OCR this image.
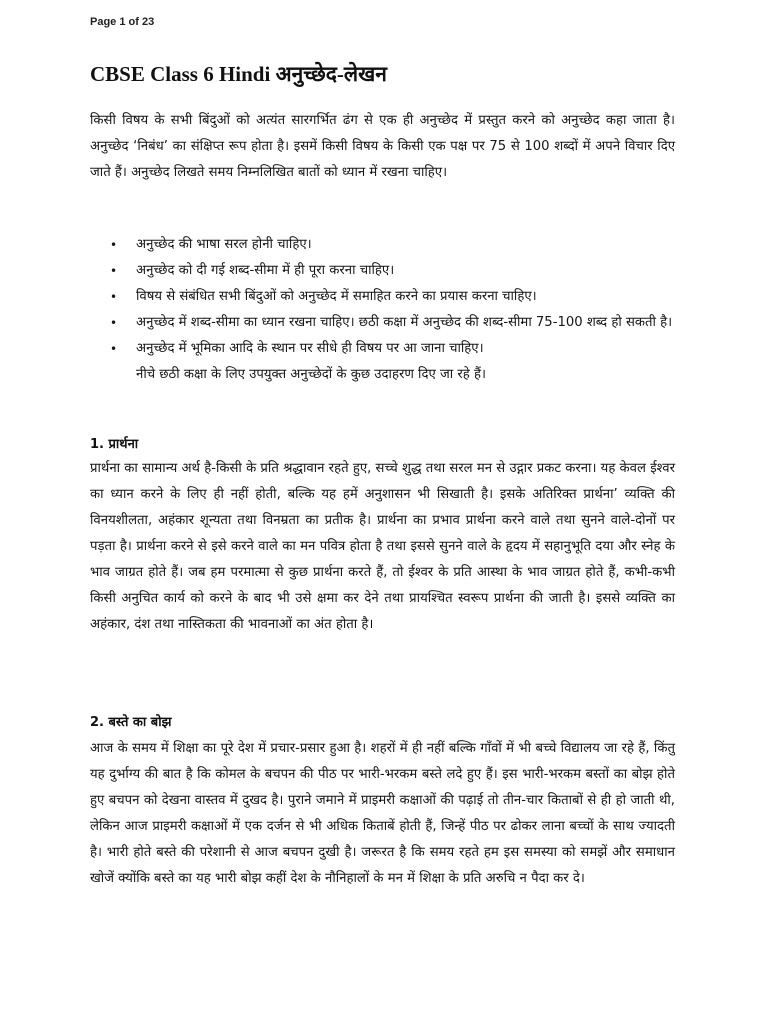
Page 1 of 23
CBSE Class 6 Hindi अनुच्छेद-लेखन
किसी विषय के सभी बिंदुओं को अत्यंत सारगर्भित ढंग से एक ही अनुच्छेद में प्रस्तुत करने को अनुच्छेद कहा जाता है। अनुच्छेद ‘निबंध’ का संक्षिप्त रूप होता है। इसमें किसी विषय के किसी एक पक्ष पर 75 से 100 शब्दों में अपने विचार दिए जाते हैं। अनुच्छेद लिखते समय निम्नलिखित बातों को ध्यान में रखना चाहिए।
• अनुच्छेद की भाषा सरल होनी चाहिए।
• अनुच्छेद को दी गई शब्द-सीमा में ही पूरा करना चाहिए।
• विषय से संबंधित सभी बिंदुओं को अनुच्छेद में समाहित करने का प्रयास करना चाहिए।
• अनुच्छेद में शब्द-सीमा का ध्यान रखना चाहिए। छठी कक्षा में अनुच्छेद की शब्द-सीमा 75-100 शब्द हो सकती है।
• अनुच्छेद में भूमिका आदि के स्थान पर सीधे ही विषय पर आ जाना चाहिए।
नीचे छठी कक्षा के लिए उपयुक्त अनुच्छेदों के कुछ उदाहरण दिए जा रहे हैं।
1. प्रार्थना
प्रार्थना का सामान्य अर्थ है-किसी के प्रति श्रद्धावान रहते हुए, सच्चे शुद्ध तथा सरल मन से उद्गार प्रकट करना। यह केवल ईश्वर का ध्यान करने के लिए ही नहीं होती, बल्कि यह हमें अनुशासन भी सिखाती है। इसके अतिरिक्त प्रार्थना’ व्यक्ति की विनयशीलता, अहंकार शून्यता तथा विनम्रता का प्रतीक है। प्रार्थना का प्रभाव प्रार्थना करने वाले तथा सुनने वाले-दोनों पर पड़ता है। प्रार्थना करने से इसे करने वाले का मन पवित्र होता है तथा इससे सुनने वाले के हृदय में सहानुभूति दया और स्नेह के भाव जाग्रत होते हैं। जब हम परमात्मा से कुछ प्रार्थना करते हैं, तो ईश्वर के प्रति आस्था के भाव जाग्रत होते हैं, कभी-कभी किसी अनुचित कार्य को करने के बाद भी उसे क्षमा कर देने तथा प्रायश्चित स्वरूप प्रार्थना की जाती है। इससे व्यक्ति का अहंकार, दंश तथा नास्तिकता की भावनाओं का अंत होता है।
2. बस्ते का बोझ
आज के समय में शिक्षा का पूरे देश में प्रचार-प्रसार हुआ है। शहरों में ही नहीं बल्कि गाँवों में भी बच्चे विद्यालय जा रहे हैं, किंतु यह दुर्भाग्य की बात है कि कोमल के बचपन की पीठ पर भारी-भरकम बस्ते लदे हुए हैं। इस भारी-भरकम बस्तों का बोझ होते हुए बचपन को देखना वास्तव में दुखद है। पुराने जमाने में प्राइमरी कक्षाओं की पढ़ाई तो तीन-चार किताबों से ही हो जाती थी, लेकिन आज प्राइमरी कक्षाओं में एक दर्जन से भी अधिक किताबें होती हैं, जिन्हें पीठ पर ढोकर लाना बच्चों के साथ ज्यादती है। भारी होते बस्ते की परेशानी से आज बचपन दुखी है। जरूरत है कि समय रहते हम इस समस्या को समझें और समाधान खोजें क्योंकि बस्ते का यह भारी बोझ कहीं देश के नौनिहालों के मन में शिक्षा के प्रति अरुचि न पैदा कर दे।
